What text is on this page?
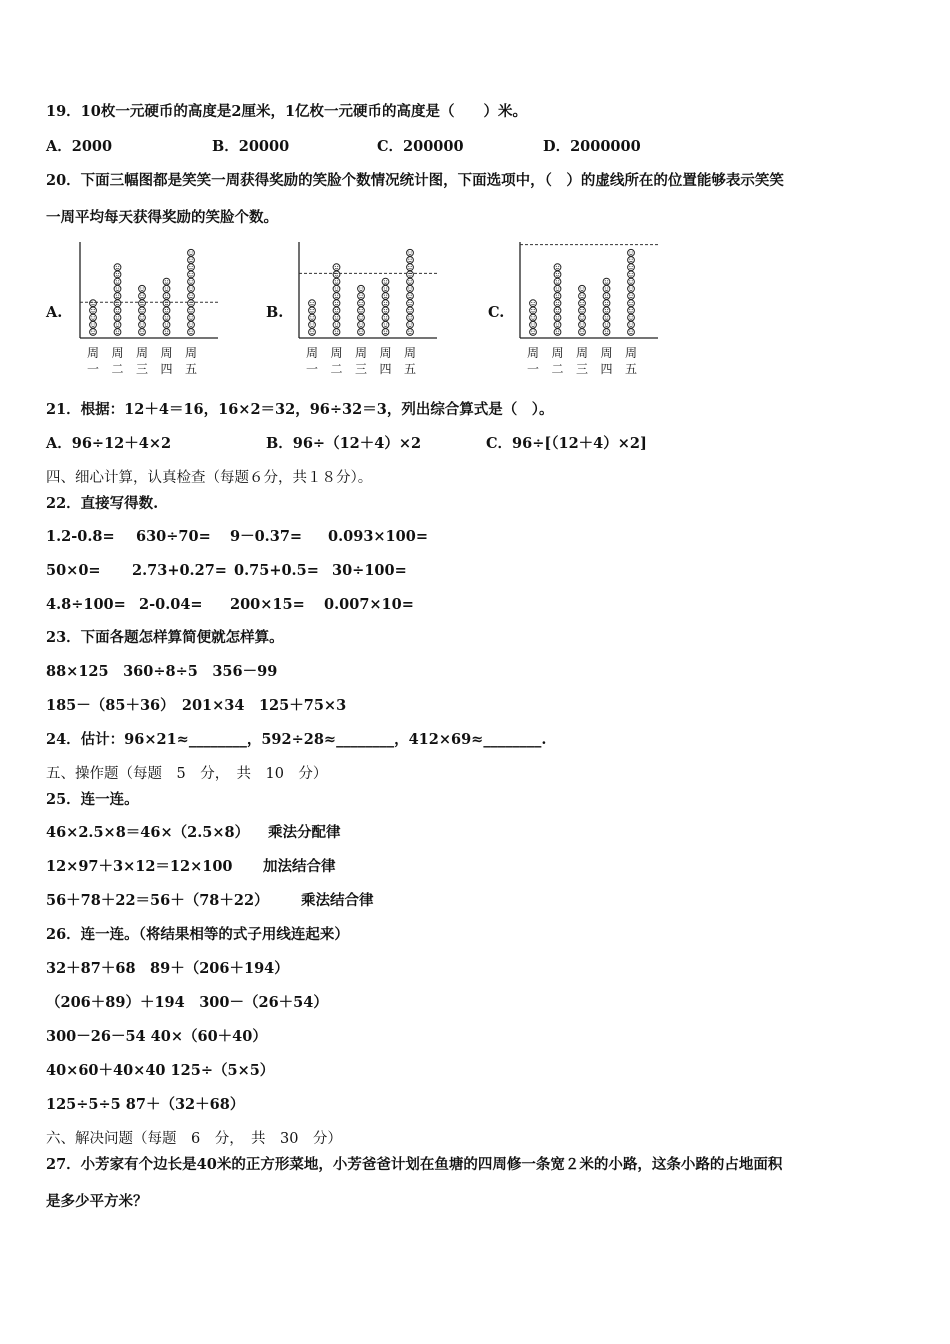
19．10枚一元硬币的高度是2厘米，1亿枚一元硬币的高度是（　　）米。
A．2000	B．20000	C．200000	D．2000000
20．下面三幅图都是笑笑一周获得奖励的笑脸个数情况统计图，下面选项中，（　）的虚线所在的位置能够表示笑笑
一周平均每天获得奖励的笑脸个数。
A.	B.	C.
周
一
周
二
周
三
周
四
周
五
周
一
周
二
周
三
周
四
周
五
周
一
周
二
周
三
周
四
周
五
21．根据：12＋4＝16，16×2＝32，96÷32＝3，列出综合算式是（　）。
A．96÷12＋4×2	B．96÷（12＋4）×2	C．96÷[（12＋4）×2]
四、细心计算，认真检查（每题６分，共１８分）。
22．直接写得数.
1.2-0.8= 630÷70= 9－0.37= 0.093×100=
50×0= 2.73+0.27= 0.75+0.5= 30÷100=
4.8÷100= 2-0.04= 200×15= 0.007×10=
23．下面各题怎样算简便就怎样算。
88×125　360÷8÷5　356－99
185－（85＋36）　201×34　125＋75×3
24．估计：96×21≈________，592÷28≈________，412×69≈________.
五、操作题（每题　5　分，　共　10　分）
25．连一连。
46×2.5×8＝46×（2.5×8） 乘法分配律
12×97＋3×12＝12×100 加法结合律
56＋78＋22＝56＋（78＋22） 乘法结合律
26．连一连。（将结果相等的式子用线连起来）
32＋87＋68　89＋（206＋194）
（206＋89）＋194　300－（26＋54）
300－26－54 40×（60＋40）
40×60＋40×40 125÷（5×5）
125÷5÷5 87＋（32＋68）
六、解决问题（每题　6　分，　共　30　分）
27．小芳家有个边长是40米的正方形菜地，小芳爸爸计划在鱼塘的四周修一条宽２米的小路，这条小路的占地面积
是多少平方米？
